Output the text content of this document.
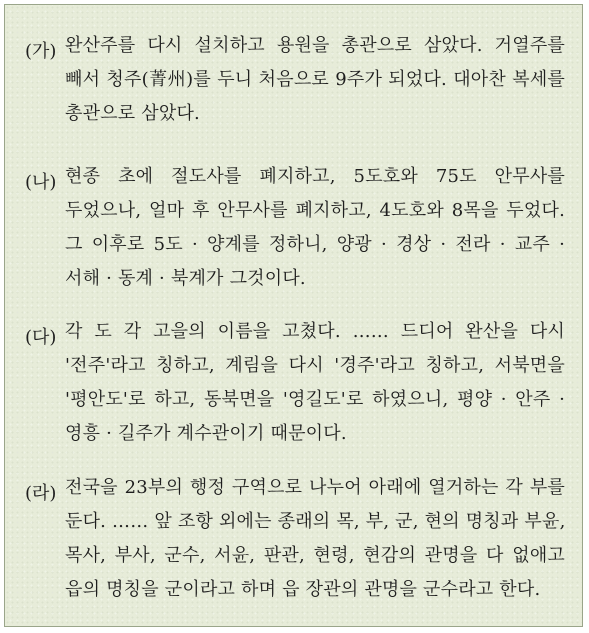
(가) 완산주를 다시 설치하고 용원을 총관으로 삼았다. 거열주를
빼서 청주(菁州)를 두니 처음으로 9주가 되었다. 대아찬 복세를
총관으로 삼았다.
(나) 현종 초에 절도사를 폐지하고, 5도호와 75도 안무사를
두었으나, 얼마 후 안무사를 폐지하고, 4도호와 8목을 두었다.
그 이후로 5도 · 양계를 정하니, 양광 · 경상 · 전라 · 교주 ·
서해 · 동계 · 북계가 그것이다.
(다) 각 도 각 고을의 이름을 고쳤다. …… 드디어 완산을 다시
'전주'라고 칭하고, 계림을 다시 '경주'라고 칭하고, 서북면을
'평안도'로 하고, 동북면을 '영길도'로 하였으니, 평양 · 안주 ·
영흥 · 길주가 계수관이기 때문이다.
(라) 전국을 23부의 행정 구역으로 나누어 아래에 열거하는 각 부를
둔다. …… 앞 조항 외에는 종래의 목, 부, 군, 현의 명칭과 부윤,
목사, 부사, 군수, 서윤, 판관, 현령, 현감의 관명을 다 없애고
읍의 명칭을 군이라고 하며 읍 장관의 관명을 군수라고 한다.
